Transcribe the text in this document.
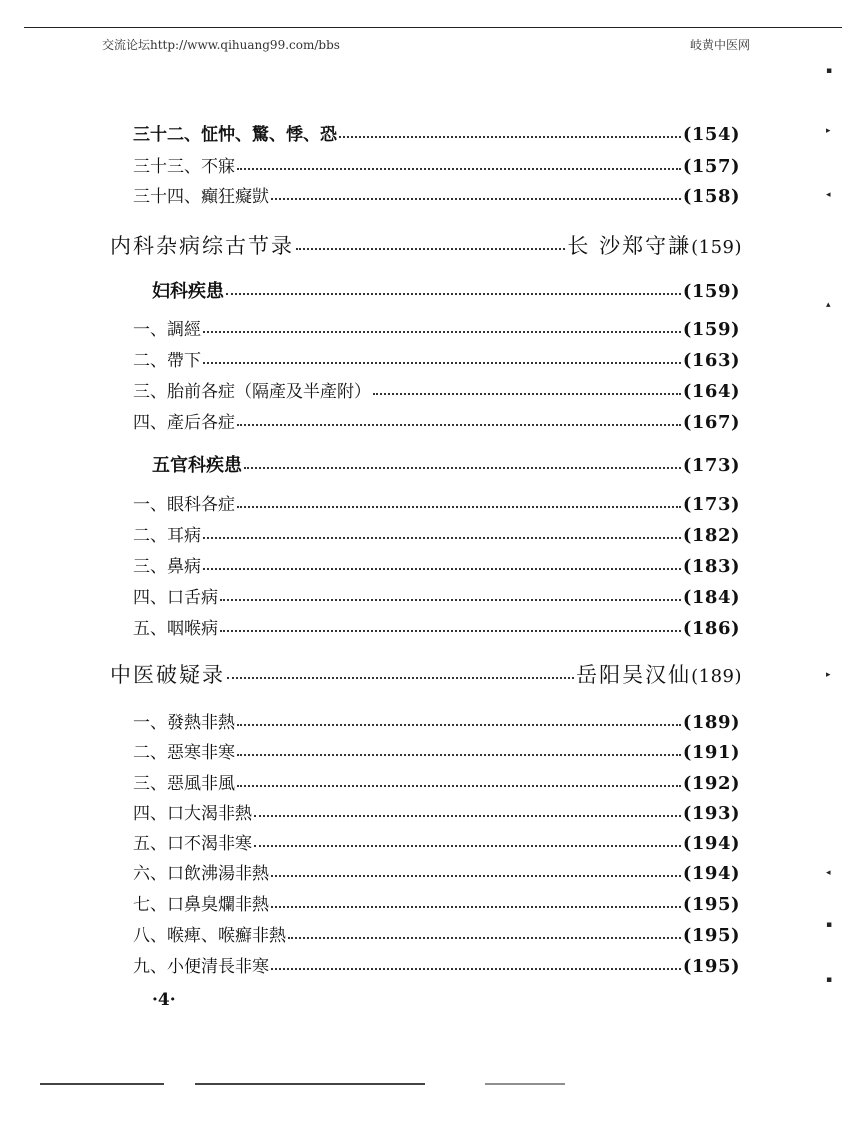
交流论坛http://www.qihuang99.com/bbs	岐黄中医网
三十二、怔忡、驚、悸、恐	(154)
三十三、不寐	(157)
三十四、癲狂癡獃	(158)
内科杂病综古节录	长 沙郑守謙 (159)
妇科疾患	(159)
一、調經	(159)
二、帶下	(163)
三、胎前各症（隔產及半產附）	(164)
四、產后各症	(167)
五官科疾患	(173)
一、眼科各症	(173)
二、耳病	(182)
三、鼻病	(183)
四、口舌病	(184)
五、咽喉病	(186)
中医破疑录	岳阳吴汉仙 (189)
一、發熱非熱	(189)
二、惡寒非寒	(191)
三、惡風非風	(192)
四、口大渴非熱	(193)
五、口不渴非寒	(194)
六、口飲沸湯非熱	(194)
七、口鼻臭爛非熱	(195)
八、喉痺、喉癬非熱	(195)
九、小便清長非寒	(195)
·4·
▪
▸
◂
▴
▸
◂
▪
▪
